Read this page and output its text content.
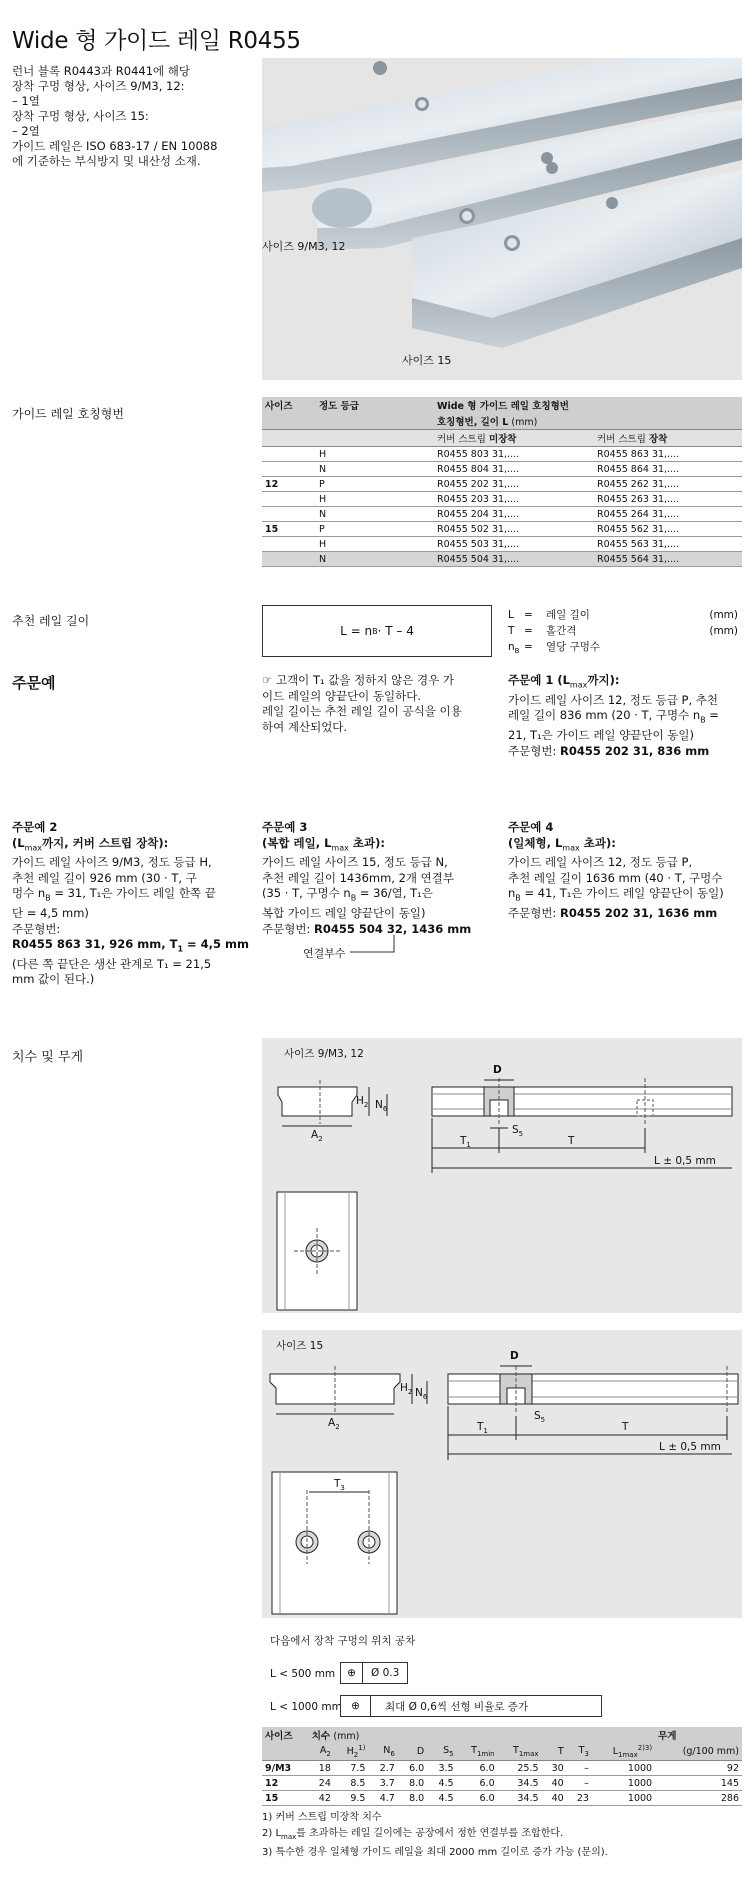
Wide 형 가이드 레일 R0455
런너 블록 R0443과 R0441에 해당
장착 구멍 형상, 사이즈 9/M3, 12:
– 1열
장착 구멍 형상, 사이즈 15:
– 2열
가이드 레일은 ISO 683-17 / EN 10088
에 기준하는 부식방지 및 내산성 소재.
사이즈 9/M3, 12
사이즈 15
가이드 레일 호칭형번
사이즈	정도 등급	Wide 형 가이드 레일 호칭형번	
		호칭형번, 길이 L (mm)	
		커버 스트립 미장착	커버 스트립 장착
	H	R0455 803 31,....	R0455 863 31,....
	N	R0455 804 31,....	R0455 864 31,....
12	P	R0455 202 31,....	R0455 262 31,....
	H	R0455 203 31,....	R0455 263 31,....
	N	R0455 204 31,....	R0455 264 31,....
15	P	R0455 502 31,....	R0455 562 31,....
	H	R0455 503 31,....	R0455 563 31,....
	N	R0455 504 31,....	R0455 564 31,....
추천 레일 길이
L = n B · T – 4
L =	레일 길이	(mm)
T =	홀간격	(mm)
$n_B$ =	열당 구멍수
주문예	☞ 고객이 T₁ 값을 정하지 않은 경우 가
이드 레일의 양끝단이 동일하다.
레일 길이는 추천 레일 길이 공식을 이용
하여 계산되었다.
주문예 1 ($L_{max}$까지):
가이드 레일 사이즈 12, 정도 등급 P, 추천
레일 길이 836 mm (20 · T, 구명수 $n_B$ =
21, T₁은 가이드 레일 양끝단이 동일)
주문형번: R0455 202 31, 836 mm
주문예 2
($L_{max}$까지, 커버 스트립 장착):
가이드 레일 사이즈 9/M3, 정도 등급 H,
추천 레일 길이 926 mm (30 · T, 구
멍수 $n_B = 31$, T₁은 가이드 레일 한쪽 끝
단 = 4,5 mm)
주문형번:
R0455 863 31, 926 mm, $T_1 = 4,5$ mm
(다른 쪽 끝단은 생산 관계로 T₁ = 21,5
mm 값이 된다.)
주문예 3
(복합 레일, $L_{max}$ 초과):
가이드 레일 사이즈 15, 정도 등급 N,
추천 레일 길이 1436mm, 2개 연결부
(35 · T, 구명수 $n_B = 36/$열, T₁은
복합 가이드 레일 양끝단이 동일)
주문형번: R0455 504 32, 1436 mm
연결부수
주문예 4
(일체형, $L_{max}$ 초과):
가이드 레일 사이즈 12, 정도 등급 P,
추천 레일 길이 1636 mm (40 · T, 구멍수
$n_B = 41$, T₁은 가이드 레일 양끝단이 동일)
주문형번: R0455 202 31, 1636 mm
치수 및 무게	사이즈 9/M3, 12
D
$H_2$ $N_6$
$A_2$
$S_5$
$T_1$	T
L ± 0,5 mm
사이즈 15
D
$H_2$ $N_6$
$A_2$
$S_5$
$T_1$	T
$T_3$
L ± 0,5 mm
다음에서 장착 구멍의 위치 공차
L < 500 mm	⊕	Ø 0.3
L < 1000 mm ⊕	최대 Ø 0,6씩 선형 비율로 증가
사이즈	치수 (mm)										무게
	$A_2$	$H_2^{1)}$	$N_6$	D	$S_5$	$T_{1min}$	$T_{1max}$	T	$T_3$	$L_{1max}^{2)3)}$	(g/100 mm)
9/M3	18	7.5	2.7	6.0	3.5	6.0	25.5	30	–	1000	92
12	24	8.5	3.7	8.0	4.5	6.0	34.5	40	–	1000	145
15	42	9.5	4.7	8.0	4.5	6.0	34.5	40	23	1000	286
1) 커버 스트립 미장착 치수
2) $L_{max}$를 초과하는 레일 길이에는 공장에서 정한 연결부를 조합한다.
3) 특수한 경우 일체형 가이드 레일을 최대 2000 mm 길이로 증가 가능 (문의).
